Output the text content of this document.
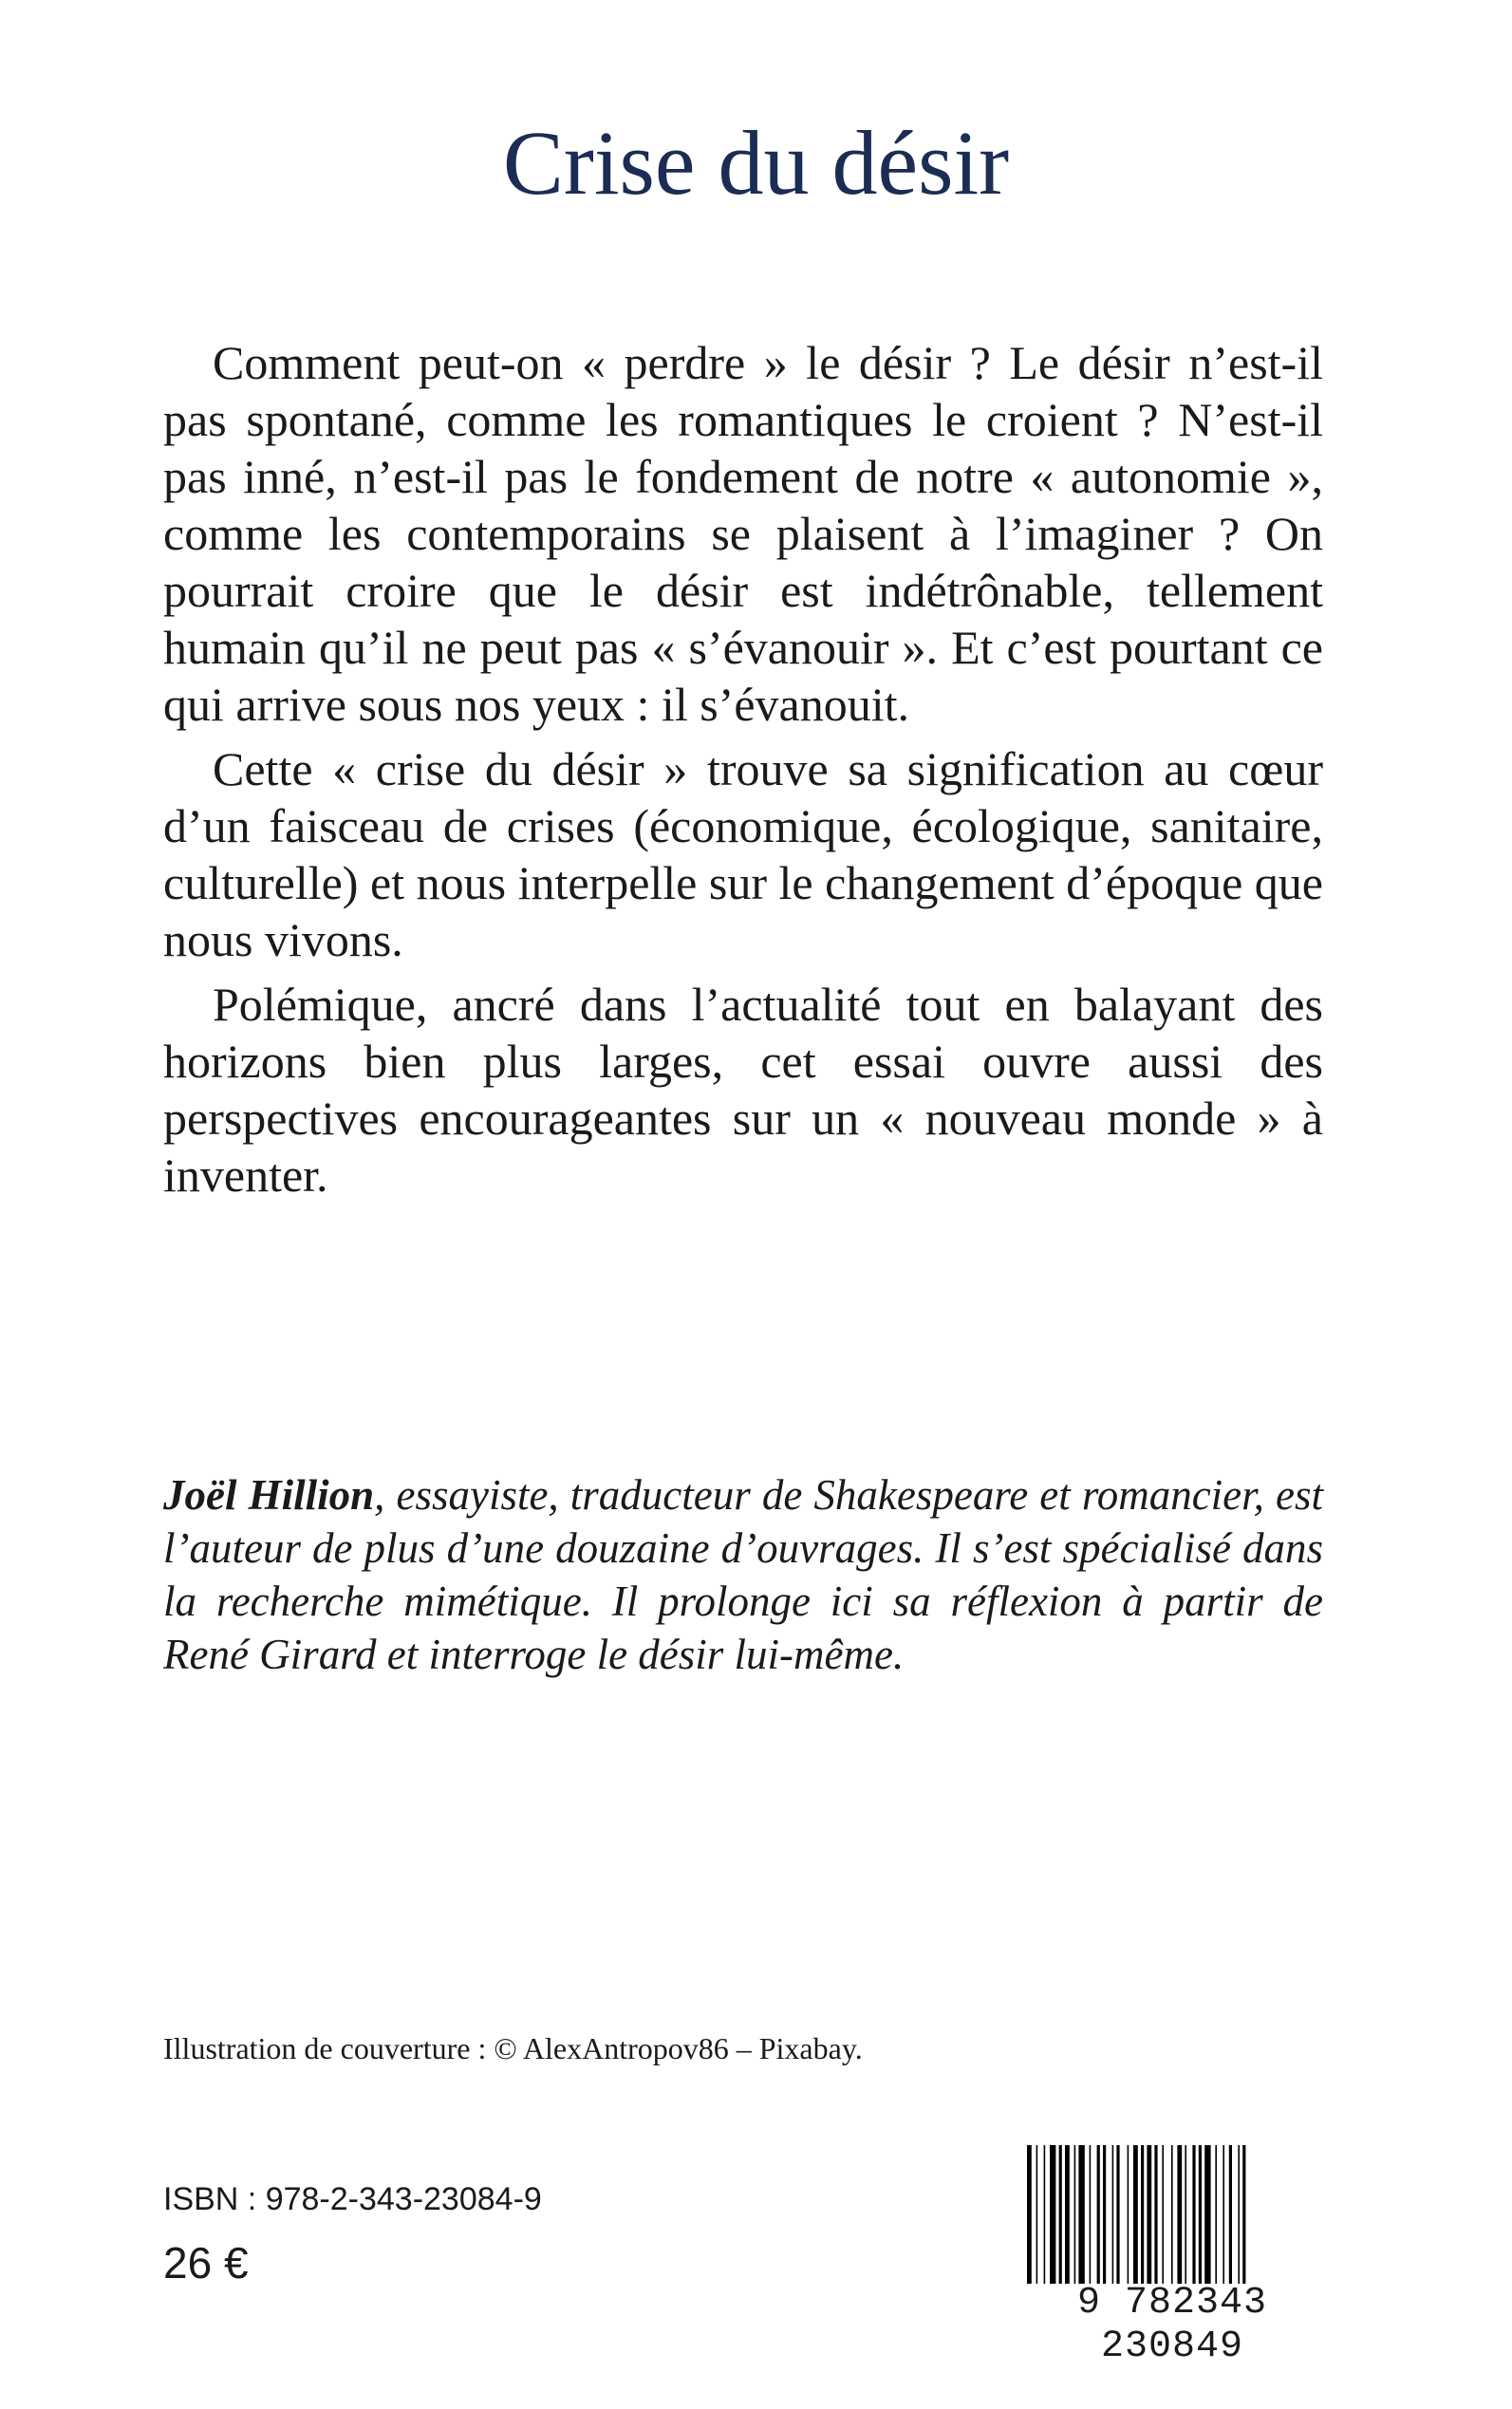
Crise du désir

Comment peut-on « perdre » le désir ? Le désir n’est-il pas spontané, comme les romantiques le croient ? N’est-il pas inné, n’est-il pas le fondement de notre « autonomie », comme les contemporains se plaisent à l’imaginer ? On pourrait croire que le désir est indétrônable, tellement humain qu’il ne peut pas « s’évanouir ». Et c’est pourtant ce qui arrive sous nos yeux : il s’évanouit.

Cette « crise du désir » trouve sa signification au cœur d’un faisceau de crises (économique, écologique, sanitaire, culturelle) et nous interpelle sur le changement d’époque que nous vivons.

Polémique, ancré dans l’actualité tout en balayant des horizons bien plus larges, cet essai ouvre aussi des perspectives encourageantes sur un « nouveau monde » à inventer.

Joël Hillion, essayiste, traducteur de Shakespeare et romancier, est l’auteur de plus d’une douzaine d’ouvrages. Il s’est spécialisé dans la recherche mimétique. Il prolonge ici sa réflexion à partir de René Girard et interroge le désir lui-même.

Illustration de couverture : © AlexAntropov86 – Pixabay.
ISBN : 978-2-343-23084-9
26 €
9 782343 230849
